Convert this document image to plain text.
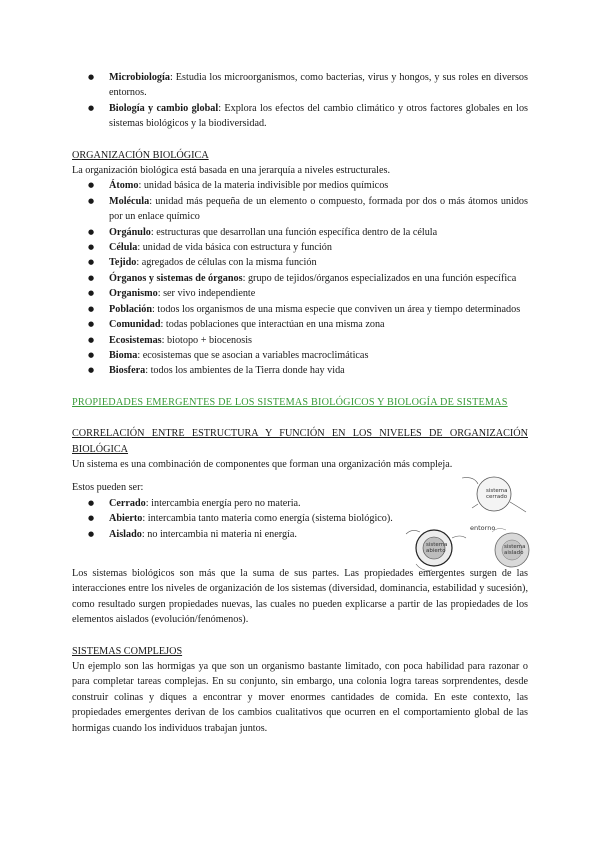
● Microbiología: Estudia los microorganismos, como bacterias, virus y hongos, y sus roles en diversos entornos.
● Biología y cambio global: Explora los efectos del cambio climático y otros factores globales en los sistemas biológicos y la biodiversidad.
ORGANIZACIÓN BIOLÓGICA
La organización biológica está basada en una jerarquía a niveles estructurales.
● Átomo: unidad básica de la materia indivisible por medios químicos
● Molécula: unidad más pequeña de un elemento o compuesto, formada por dos o más átomos unidos por un enlace químico
● Orgánulo: estructuras que desarrollan una función específica dentro de la célula
● Célula: unidad de vida básica con estructura y función
● Tejido: agregados de células con la misma función
● Órganos y sistemas de órganos: grupo de tejidos/órganos especializados en una función específica
● Organismo: ser vivo independiente
● Población: todos los organismos de una misma especie que conviven un área y tiempo determinados
● Comunidad: todas poblaciones que interactúan en una misma zona
● Ecosistemas: biotopo + biocenosis
● Bioma: ecosistemas que se asocian a variables macroclimáticas
● Biosfera: todos los ambientes de la Tierra donde hay vida
PROPIEDADES EMERGENTES DE LOS SISTEMAS BIOLÓGICOS Y BIOLOGÍA DE SISTEMAS
CORRELACIÓN ENTRE ESTRUCTURA Y FUNCIÓN EN LOS NIVELES DE ORGANIZACIÓN BIOLÓGICA
Un sistema es una combinación de componentes que forman una organización más compleja.
Estos pueden ser:
● Cerrado: intercambia energía pero no materia.
● Abierto: intercambia tanto materia como energía (sistema biológico).
● Aislado: no intercambia ni materia ni energía.
sistema
cerrado
entorno
sistema
abierto
sistema
aislado
Los sistemas biológicos son más que la suma de sus partes. Las propiedades emergentes surgen de las interacciones entre los niveles de organización de los sistemas (diversidad, dominancia, estabilidad y sucesión), como resultado surgen propiedades nuevas, las cuales no pueden explicarse a partir de las propiedades de los elementos aislados (evolución/fenómenos).
SISTEMAS COMPLEJOS
Un ejemplo son las hormigas ya que son un organismo bastante limitado, con poca habilidad para razonar o para completar tareas complejas. En su conjunto, sin embargo, una colonia logra tareas sorprendentes, desde construir colinas y diques a encontrar y mover enormes cantidades de comida. En este contexto, las propiedades emergentes derivan de los cambios cualitativos que ocurren en el comportamiento global de las hormigas cuando los individuos trabajan juntos.
